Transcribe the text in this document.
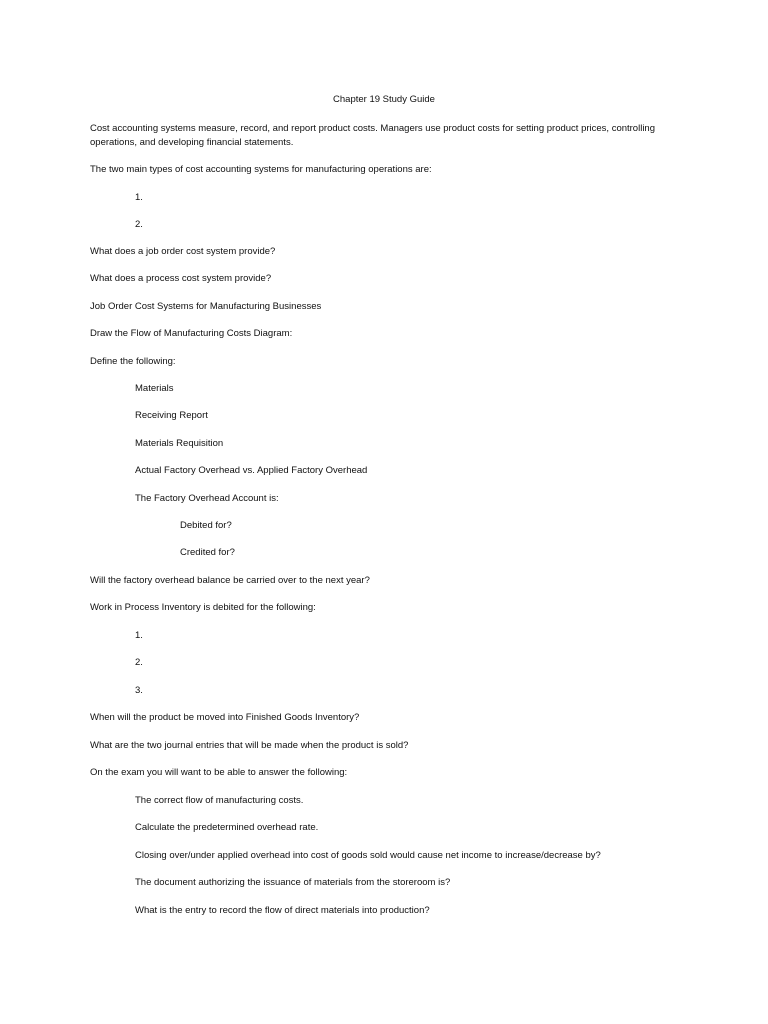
Chapter 19 Study Guide
Cost accounting systems measure, record, and report product costs. Managers use product costs for setting product prices, controlling
operations, and developing financial statements.
The two main types of cost accounting systems for manufacturing operations are:
1.
2.
What does a job order cost system provide?
What does a process cost system provide?
Job Order Cost Systems for Manufacturing Businesses
Draw the Flow of Manufacturing Costs Diagram:
Define the following:
Materials
Receiving Report
Materials Requisition
Actual Factory Overhead vs. Applied Factory Overhead
The Factory Overhead Account is:
Debited for?
Credited for?
Will the factory overhead balance be carried over to the next year?
Work in Process Inventory is debited for the following:
1.
2.
3.
When will the product be moved into Finished Goods Inventory?
What are the two journal entries that will be made when the product is sold?
On the exam you will want to be able to answer the following:
The correct flow of manufacturing costs.
Calculate the predetermined overhead rate.
Closing over/under applied overhead into cost of goods sold would cause net income to increase/decrease by?
The document authorizing the issuance of materials from the storeroom is?
What is the entry to record the flow of direct materials into production?
